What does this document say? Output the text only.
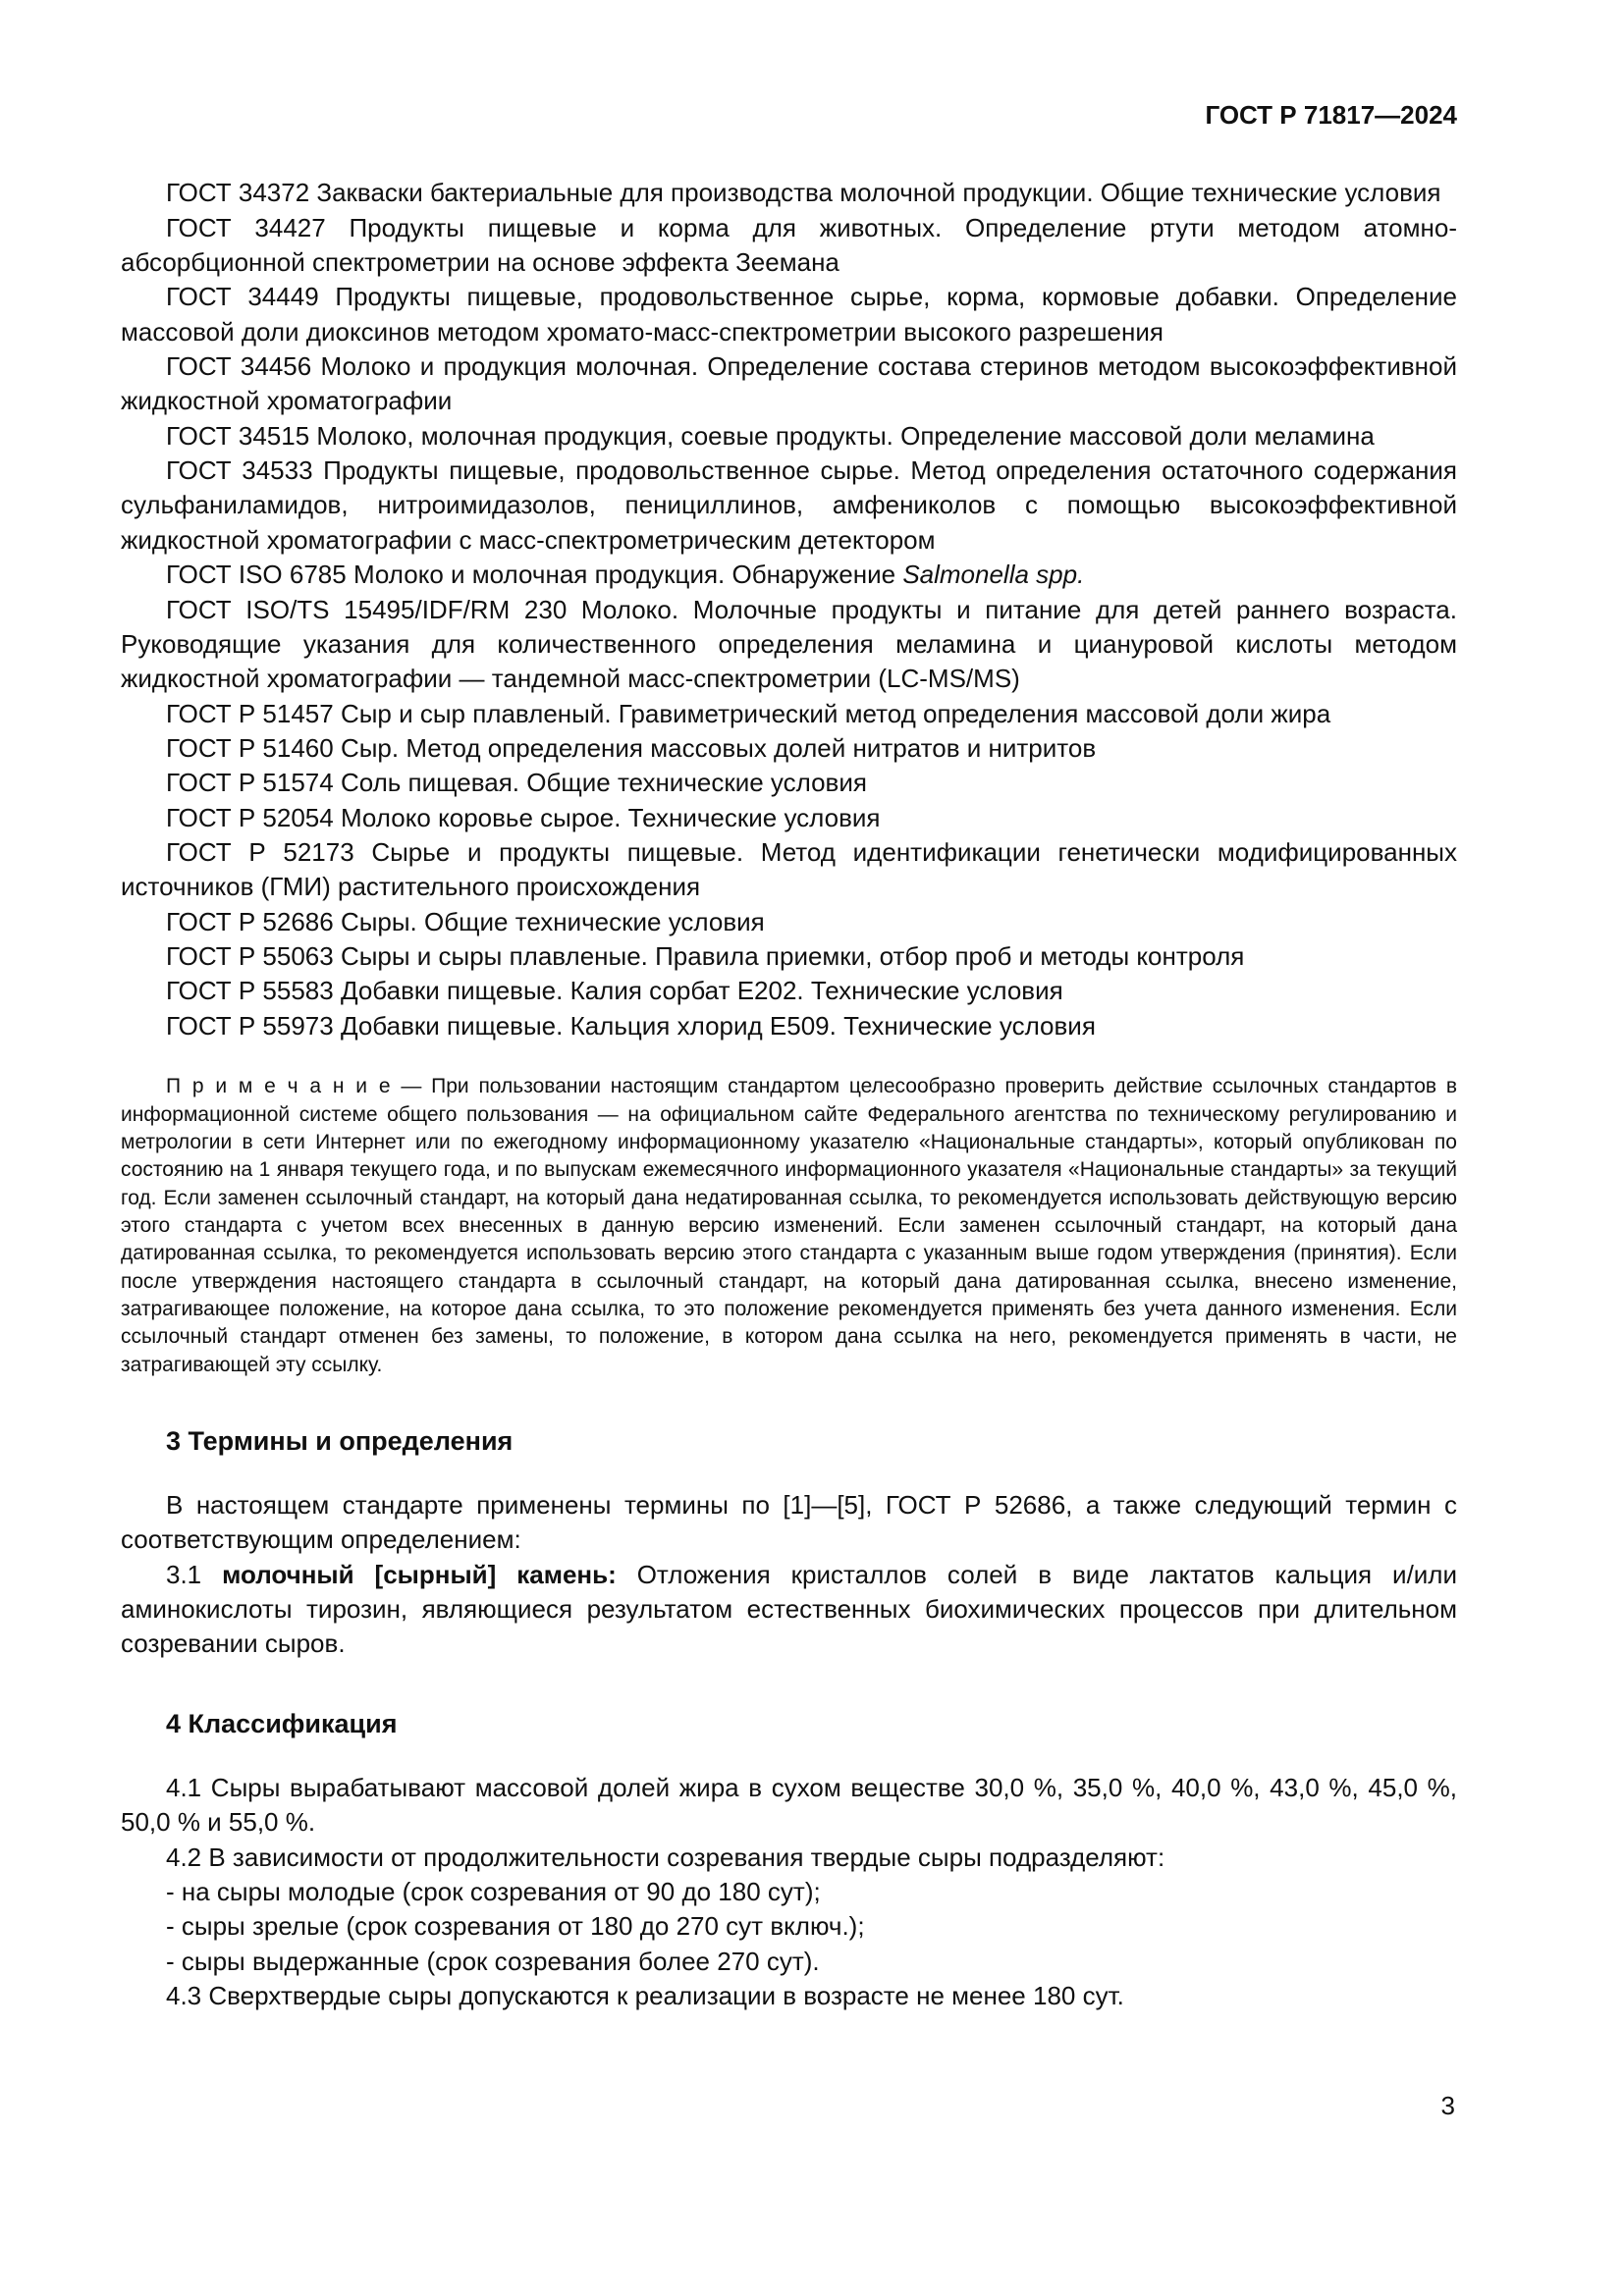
ГОСТ Р 71817—2024

ГОСТ 34372 Закваски бактериальные для производства молочной продукции. Общие технические условия

ГОСТ 34427 Продукты пищевые и корма для животных. Определение ртути методом атомно-абсорбционной спектрометрии на основе эффекта Зеемана

ГОСТ 34449 Продукты пищевые, продовольственное сырье, корма, кормовые добавки. Определение массовой доли диоксинов методом хромато-масс-спектрометрии высокого разрешения

ГОСТ 34456 Молоко и продукция молочная. Определение состава стеринов методом высокоэффективной жидкостной хроматографии

ГОСТ 34515 Молоко, молочная продукция, соевые продукты. Определение массовой доли меламина

ГОСТ 34533 Продукты пищевые, продовольственное сырье. Метод определения остаточного содержания сульфаниламидов, нитроимидазолов, пенициллинов, амфениколов с помощью высокоэффективной жидкостной хроматографии с масс-спектрометрическим детектором

ГОСТ ISO 6785 Молоко и молочная продукция. Обнаружение Salmonella spp.

ГОСТ ISO/TS 15495/IDF/RM 230 Молоко. Молочные продукты и питание для детей раннего возраста. Руководящие указания для количественного определения меламина и циануровой кислоты методом жидкостной хроматографии — тандемной масс-спектрометрии (LC-MS/MS)

ГОСТ Р 51457 Сыр и сыр плавленый. Гравиметрический метод определения массовой доли жира

ГОСТ Р 51460 Сыр. Метод определения массовых долей нитратов и нитритов

ГОСТ Р 51574 Соль пищевая. Общие технические условия

ГОСТ Р 52054 Молоко коровье сырое. Технические условия

ГОСТ Р 52173 Сырье и продукты пищевые. Метод идентификации генетически модифицированных источников (ГМИ) растительного происхождения

ГОСТ Р 52686 Сыры. Общие технические условия

ГОСТ Р 55063 Сыры и сыры плавленые. Правила приемки, отбор проб и методы контроля

ГОСТ Р 55583 Добавки пищевые. Калия сорбат Е202. Технические условия

ГОСТ Р 55973 Добавки пищевые. Кальция хлорид Е509. Технические условия

П р и м е ч а н и е — При пользовании настоящим стандартом целесообразно проверить действие ссылочных стандартов в информационной системе общего пользования — на официальном сайте Федерального агентства по техническому регулированию и метрологии в сети Интернет или по ежегодному информационному указателю «Национальные стандарты», который опубликован по состоянию на 1 января текущего года, и по выпускам ежемесячного информационного указателя «Национальные стандарты» за текущий год. Если заменен ссылочный стандарт, на который дана недатированная ссылка, то рекомендуется использовать действующую версию этого стандарта с учетом всех внесенных в данную версию изменений. Если заменен ссылочный стандарт, на который дана датированная ссылка, то рекомендуется использовать версию этого стандарта с указанным выше годом утверждения (принятия). Если после утверждения настоящего стандарта в ссылочный стандарт, на который дана датированная ссылка, внесено изменение, затрагивающее положение, на которое дана ссылка, то это положение рекомендуется применять без учета данного изменения. Если ссылочный стандарт отменен без замены, то положение, в котором дана ссылка на него, рекомендуется применять в части, не затрагивающей эту ссылку.

3 Термины и определения

В настоящем стандарте применены термины по [1]—[5], ГОСТ Р 52686, а также следующий термин с соответствующим определением:

3.1 молочный [сырный] камень: Отложения кристаллов солей в виде лактатов кальция и/или аминокислоты тирозин, являющиеся результатом естественных биохимических процессов при длительном созревании сыров.

4 Классификация

4.1 Сыры вырабатывают массовой долей жира в сухом веществе 30,0 %, 35,0 %, 40,0 %, 43,0 %, 45,0 %, 50,0 % и 55,0 %.

4.2 В зависимости от продолжительности созревания твердые сыры подразделяют:

- на сыры молодые (срок созревания от 90 до 180 сут);

- сыры зрелые (срок созревания от 180 до 270 сут включ.);

- сыры выдержанные (срок созревания более 270 сут).

4.3 Сверхтвердые сыры допускаются к реализации в возрасте не менее 180 сут.

3
